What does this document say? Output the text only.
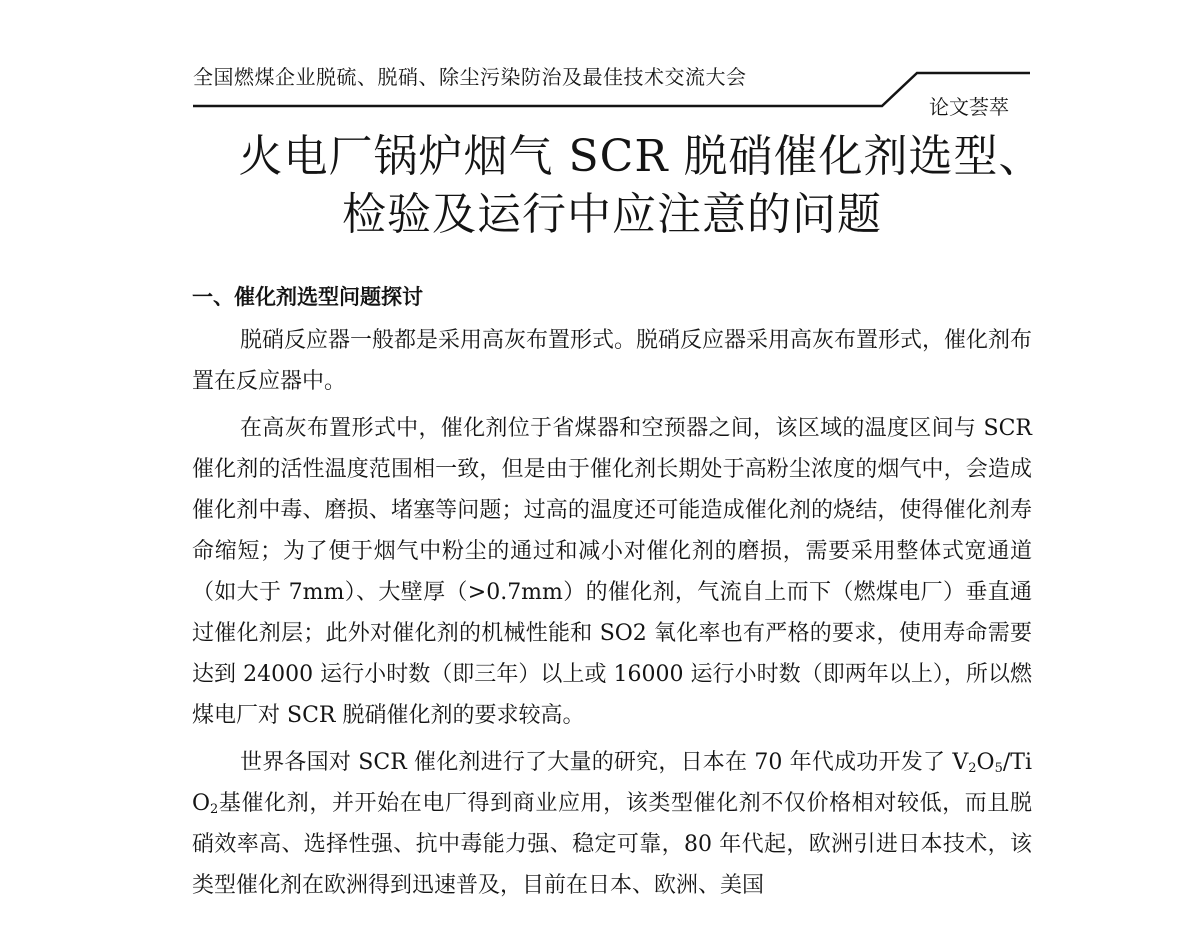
全国燃煤企业脱硫、脱硝、除尘污染防治及最佳技术交流大会
论文荟萃
火电厂锅炉烟气 SCR 脱硝催化剂选型、
检验及运行中应注意的问题
一、催化剂选型问题探讨

脱硝反应器一般都是采用高灰布置形式。脱硝反应器采用高灰布置形式，催化剂布置在反应器中。

在高灰布置形式中，催化剂位于省煤器和空预器之间，该区域的温度区间与 SCR 催化剂的活性温度范围相一致，但是由于催化剂长期处于高粉尘浓度的烟气中，会造成催化剂中毒、磨损、堵塞等问题；过高的温度还可能造成催化剂的烧结，使得催化剂寿命缩短；为了便于烟气中粉尘的通过和减小对催化剂的磨损，需要采用整体式宽通道（如大于 7mm）、大壁厚（>0.7mm）的催化剂，气流自上而下（燃煤电厂）垂直通过催化剂层；此外对催化剂的机械性能和 SO2 氧化率也有严格的要求，使用寿命需要达到 24000 运行小时数（即三年）以上或 16000 运行小时数（即两年以上），所以燃煤电厂对 SCR 脱硝催化剂的要求较高。

世界各国对 SCR 催化剂进行了大量的研究，日本在 70 年代成功开发了 $V_2O_5/TiO_2$基催化剂，并开始在电厂得到商业应用，该类型催化剂不仅价格相对较低，而且脱硝效率高、选择性强、抗中毒能力强、稳定可靠，80 年代起，欧洲引进日本技术，该类型催化剂在欧洲得到迅速普及，目前在日本、欧洲、美国
